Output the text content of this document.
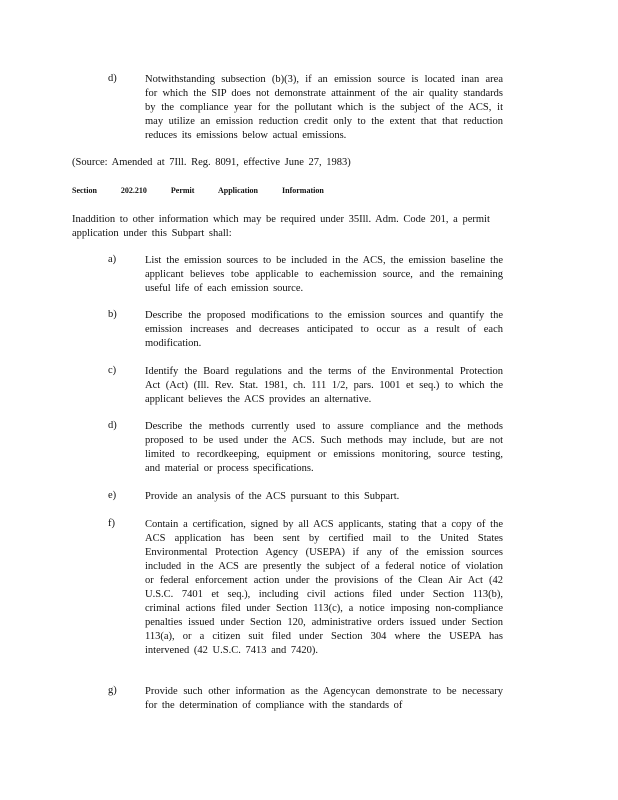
d)	Notwithstanding subsection (b)(3), if an emission source is located inan area for which the SIP does not demonstrate attainment of the air quality standards by the compliance year for the pollutant which is the subject of the ACS, it may utilize an emission reduction credit only to the extent that that reduction reduces its emissions below actual emissions.
(Source: Amended at 7Ill. Reg. 8091, effective June 27, 1983)
Section	202.210	Permit	Application	Information
Inaddition to other information which may be required under 35Ill. Adm. Code 201, a permit application under this Subpart shall:
a)	List the emission sources to be included in the ACS, the emission baseline the applicant believes tobe applicable to eachemission source, and the remaining useful life of each emission source.
b)	Describe the proposed modifications to the emission sources and quantify the emission increases and decreases anticipated to occur as a result of each modification.
c)	Identify the Board regulations and the terms of the Environmental Protection Act (Act) (Ill. Rev. Stat. 1981, ch. 111 1/2, pars. 1001 et seq.) to which the applicant believes the ACS provides an alternative.
d)	Describe the methods currently used to assure compliance and the methods proposed to be used under the ACS. Such methods may include, but are not limited to recordkeeping, equipment or emissions monitoring, source testing, and material or process specifications.
e)	Provide an analysis of the ACS pursuant to this Subpart.
f)	Contain a certification, signed by all ACS applicants, stating that a copy of the ACS application has been sent by certified mail to the United States Environmental Protection Agency (USEPA) if any of the emission sources included in the ACS are presently the subject of a federal notice of violation or federal enforcement action under the provisions of the Clean Air Act (42 U.S.C. 7401 et seq.), including civil actions filed under Section 113(b), criminal actions filed under Section 113(c), a notice imposing non-compliance penalties issued under Section 120, administrative orders issued under Section 113(a), or a citizen suit filed under Section 304 where the USEPA has intervened (42 U.S.C. 7413 and 7420).
g)	Provide such other information as the Agencycan demonstrate to be necessary for the determination of compliance with the standards of
